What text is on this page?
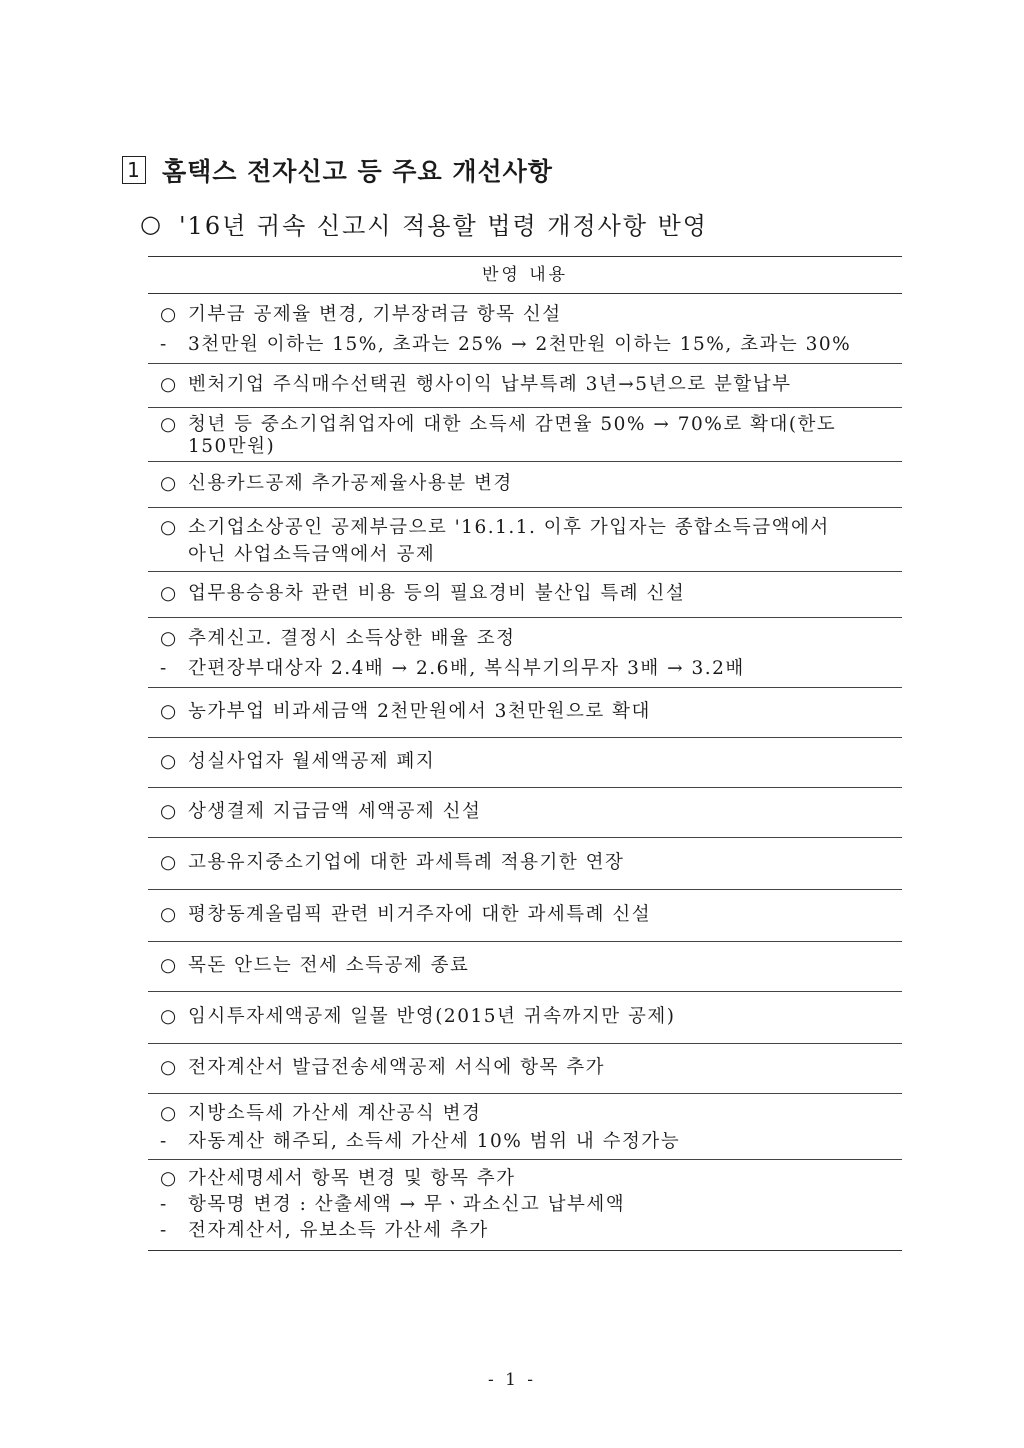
1 홈택스 전자신고 등 주요 개선사항
○ '16년 귀속 신고시 적용할 법령 개정사항 반영
반영 내용
○ 기부금 공제율 변경, 기부장려금 항목 신설
-	3천만원 이하는 15%, 초과는 25% → 2천만원 이하는 15%, 초과는 30%
○ 벤처기업 주식매수선택권 행사이익 납부특례 3년→5년으로 분할납부
○ 청년 등 중소기업취업자에 대한 소득세 감면율 50% → 70%로 확대(한도
150만원)
○ 신용카드공제 추가공제율사용분 변경
○ 소기업소상공인 공제부금으로 '16.1.1. 이후 가입자는 종합소득금액에서
아닌 사업소득금액에서 공제
○ 업무용승용차 관련 비용 등의 필요경비 불산입 특례 신설
○ 추계신고. 결정시 소득상한 배율 조정
-	간편장부대상자 2.4배 → 2.6배, 복식부기의무자 3배 → 3.2배
○ 농가부업 비과세금액 2천만원에서 3천만원으로 확대
○ 성실사업자 월세액공제 폐지
○ 상생결제 지급금액 세액공제 신설
○ 고용유지중소기업에 대한 과세특례 적용기한 연장
○ 평창동계올림픽 관련 비거주자에 대한 과세특례 신설
○ 목돈 안드는 전세 소득공제 종료
○ 임시투자세액공제 일몰 반영(2015년 귀속까지만 공제)
○ 전자계산서 발급전송세액공제 서식에 항목 추가
○ 지방소득세 가산세 계산공식 변경
-	자동계산 해주되, 소득세 가산세 10% 범위 내 수정가능
○ 가산세명세서 항목 변경 및 항목 추가
-	항목명 변경 : 산출세액 → 무ㆍ과소신고 납부세액
-	전자계산서, 유보소득 가산세 추가
- 1 -
